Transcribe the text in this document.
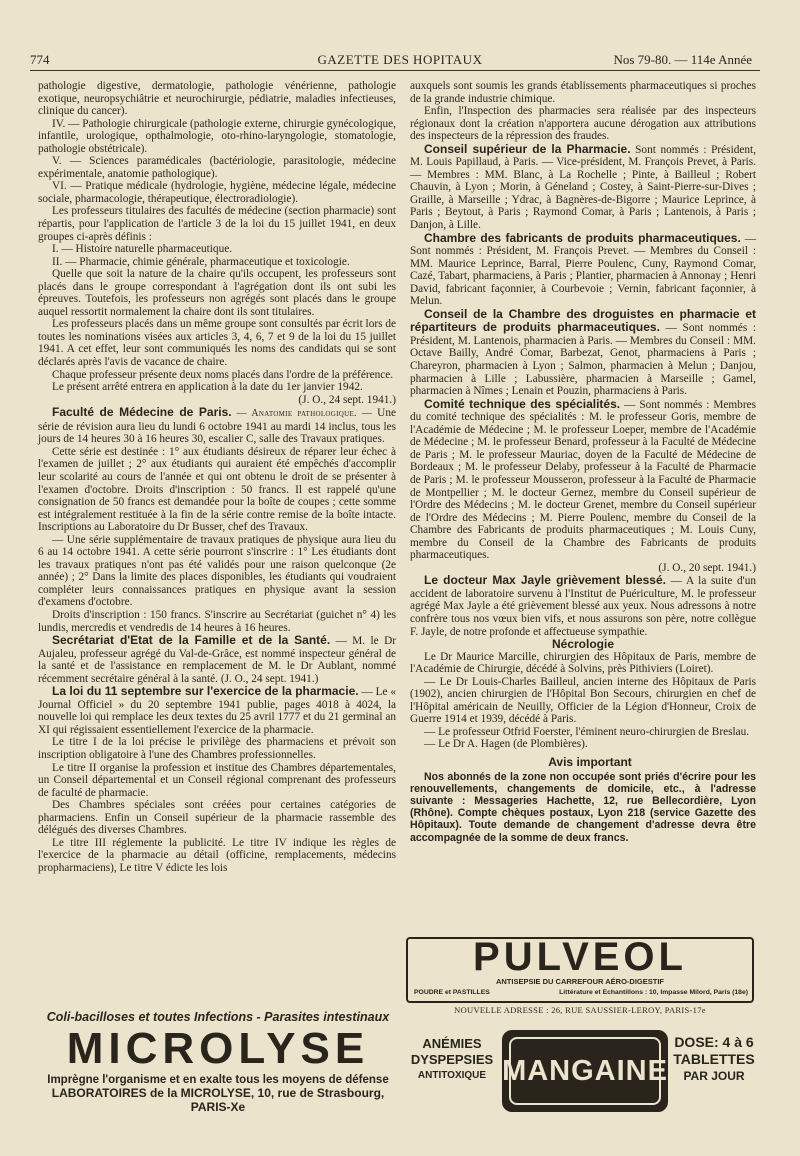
774	GAZETTE DES HOPITAUX	Nos 79-80. — 114e Année

pathologie digestive, dermatologie, pathologie vénérienne, pathologie exotique, neuropsychiâtrie et neurochirurgie, pédiatrie, maladies infectieuses, clinique du cancer).

IV. — Pathologie chirurgicale (pathologie externe, chirurgie gynécologique, infantile, urologique, opthalmologie, oto-rhino-laryngologie, stomatologie, pathologie obstétricale).

V. — Sciences paramédicales (bactériologie, parasitologie, médecine expérimentale, anatomie pathologique).

VI. — Pratique médicale (hydrologie, hygiène, médecine légale, médecine sociale, pharmacologie, thérapeutique, électroradiologie).

Les professeurs titulaires des facultés de médecine (section pharmacie) sont répartis, pour l'application de l'article 3 de la loi du 15 juillet 1941, en deux groupes ci-après définis :

I. — Histoire naturelle pharmaceutique.

II. — Pharmacie, chimie générale, pharmaceutique et toxicologie.

Quelle que soit la nature de la chaire qu'ils occupent, les professeurs sont placés dans le groupe correspondant à l'agrégation dont ils ont subi les épreuves. Toutefois, les professeurs non agrégés sont placés dans le groupe auquel ressortit normalement la chaire dont ils sont titulaires.

Les professeurs placés dans un même groupe sont consultés par écrit lors de toutes les nominations visées aux articles 3, 4, 6, 7 et 9 de la loi du 15 juillet 1941. A cet effet, leur sont communiqués les noms des candidats qui se sont déclarés après l'avis de vacance de chaire.

Chaque professeur présente deux noms placés dans l'ordre de la préférence.

Le présent arrêté entrera en application à la date du 1er janvier 1942.

(J. O., 24 sept. 1941.)

Faculté de Médecine de Paris. — Anatomie pathologique. — Une série de révision aura lieu du lundi 6 octobre 1941 au mardi 14 inclus, tous les jours de 14 heures 30 à 16 heures 30, escalier C, salle des Travaux pratiques.

Cette série est destinée : 1° aux étudiants désireux de réparer leur échec à l'examen de juillet ; 2° aux étudiants qui auraient été empêchés d'accomplir leur scolarité au cours de l'année et qui ont obtenu le droit de se présenter à l'examen d'octobre. Droits d'inscription : 50 francs. Il est rappelé qu'une consignation de 50 francs est demandée pour la boîte de coupes ; cette somme est intégralement restituée à la fin de la série contre remise de la boîte intacte. Inscriptions au Laboratoire du Dr Busser, chef des Travaux.

— Une série supplémentaire de travaux pratiques de physique aura lieu du 6 au 14 octobre 1941. A cette série pourront s'inscrire : 1° Les étudiants dont les travaux pratiques n'ont pas été validés pour une raison quelconque (2e année) ; 2° Dans la limite des places disponibles, les étudiants qui voudraient compléter leurs connaissances pratiques en physique avant la session d'examens d'octobre.

Droits d'inscription : 150 francs. S'inscrire au Secrétariat (guichet n° 4) les lundis, mercredis et vendredis de 14 heures à 16 heures.

Secrétariat d'Etat de la Famille et de la Santé. — M. le Dr Aujaleu, professeur agrégé du Val-de-Grâce, est nommé inspecteur général de la santé et de l'assistance en remplacement de M. le Dr Aublant, nommé récemment secrétaire général à la santé. (J. O., 24 sept. 1941.)

La loi du 11 septembre sur l'exercice de la pharmacie. — Le « Journal Officiel » du 20 septembre 1941 publie, pages 4018 à 4024, la nouvelle loi qui remplace les deux textes du 25 avril 1777 et du 21 germinal an XI qui régissaient essentiellement l'exercice de la pharmacie.

Le titre I de la loi précise le privilège des pharmaciens et prévoit son inscription obligatoire à l'une des Chambres professionnelles.

Le titre II organise la profession et institue des Chambres départementales, un Conseil départemental et un Conseil régional comprenant des professeurs de faculté de pharmacie.

Des Chambres spéciales sont créées pour certaines catégories de pharmaciens. Enfin un Conseil supérieur de la pharmacie rassemble des délégués des diverses Chambres.

Le titre III réglemente la publicité. Le titre IV indique les règles de l'exercice de la pharmacie au détail (officine, remplacements, médecins propharmaciens), Le titre V édicte les lois

auxquels sont soumis les grands établissements pharmaceutiques si proches de la grande industrie chimique.

Enfin, l'Inspection des pharmacies sera réalisée par des inspecteurs régionaux dont la création n'apportera aucune dérogation aux attributions des inspecteurs de la répression des fraudes.

Conseil supérieur de la Pharmacie. Sont nommés : Président, M. Louis Papillaud, à Paris. — Vice-président, M. François Prevet, à Paris. — Membres : MM. Blanc, à La Rochelle ; Pinte, à Bailleul ; Robert Chauvin, à Lyon ; Morin, à Géneland ; Costey, à Saint-Pierre-sur-Dives ; Graille, à Marseille ; Ydrac, à Bagnères-de-Bigorre ; Maurice Leprince, à Paris ; Beytout, à Paris ; Raymond Comar, à Paris ; Lantenois, à Paris ; Danjon, à Lille.

Chambre des fabricants de produits pharmaceutiques. — Sont nommés : Président, M. François Prevet. — Membres du Conseil : MM. Maurice Leprince, Barral, Pierre Poulenc, Cuny, Raymond Comar, Cazé, Tabart, pharmaciens, à Paris ; Plantier, pharmacien à Annonay ; Henri David, fabricant façonnier, à Courbevoie ; Vernin, fabricant façonnier, à Melun.

Conseil de la Chambre des droguistes en pharmacie et répartiteurs de produits pharmaceutiques. — Sont nommés : Président, M. Lantenois, pharmacien à Paris. — Membres du Conseil : MM. Octave Bailly, André Comar, Barbezat, Genot, pharmaciens à Paris ; Chareyron, pharmacien à Lyon ; Salmon, pharmacien à Melun ; Danjou, pharmacien à Lille ; Labussière, pharmacien à Marseille ; Gamel, pharmacien à Nîmes ; Lenain et Pouzin, pharmaciens à Paris.

Comité technique des spécialités. — Sont nommés : Membres du comité technique des spécialités : M. le professeur Goris, membre de l'Académie de Médecine ; M. le professeur Loeper, membre de l'Académie de Médecine ; M. le professeur Benard, professeur à la Faculté de Médecine de Paris ; M. le professeur Mauriac, doyen de la Faculté de Médecine de Bordeaux ; M. le professeur Delaby, professeur à la Faculté de Pharmacie de Paris ; M. le professeur Mousseron, professeur à la Faculté de Pharmacie de Montpellier ; M. le docteur Gernez, membre du Conseil supérieur de l'Ordre des Médecins ; M. le docteur Grenet, membre du Conseil supérieur de l'Ordre des Médecins ; M. Pierre Poulenc, membre du Conseil de la Chambre des Fabricants de produits pharmaceutiques ; M. Louis Cuny, membre du Conseil de la Chambre des Fabricants de produits pharmaceutiques.

(J. O., 20 sept. 1941.)

Le docteur Max Jayle grièvement blessé. — A la suite d'un accident de laboratoire survenu à l'Institut de Puériculture, M. le professeur agrégé Max Jayle a été grièvement blessé aux yeux. Nous adressons à notre confrère tous nos vœux bien vifs, et nous assurons son père, notre collègue F. Jayle, de notre profonde et affectueuse sympathie.

Nécrologie

Le Dr Maurice Marcille, chirurgien des Hôpitaux de Paris, membre de l'Académie de Chirurgie, décédé à Solvins, près Pithiviers (Loiret).

— Le Dr Louis-Charles Bailleul, ancien interne des Hôpitaux de Paris (1902), ancien chirurgien de l'Hôpital Bon Secours, chirurgien en chef de l'Hôpital américain de Neuilly, Officier de la Légion d'Honneur, Croix de Guerre 1914 et 1939, décédé à Paris.

— Le professeur Otfrid Foerster, l'éminent neuro-chirurgien de Breslau.

— Le Dr A. Hagen (de Plombières).

Avis important

Nos abonnés de la zone non occupée sont priés d'écrire pour les renouvellements, changements de domicile, etc., à l'adresse suivante : Messageries Hachette, 12, rue Bellecordière, Lyon (Rhône). Compte chèques postaux, Lyon 218 (service Gazette des Hôpitaux). Toute demande de changement d'adresse devra être accompagnée de la somme de deux francs.

Coli-bacilloses et toutes Infections - Parasites intestinaux
MICROLYSE
Imprègne l'organisme et en exalte tous les moyens de défense
LABORATOIRES de la MICROLYSE, 10, rue de Strasbourg, PARIS-Xe
PULVEOL
ANTISEPSIE DU CARREFOUR AÉRO-DIGESTIF
POUDRE et PASTILLES	Littérature et Echantillons : 10, Impasse Milord, Paris (18e)
NOUVELLE ADRESSE : 26, RUE SAUSSIER-LEROY, PARIS-17e
ANÉMIES
DYSPEPSIES
ANTITOXIQUE MANGAINE
DOSE: 4 à 6
TABLETTES
PAR JOUR
